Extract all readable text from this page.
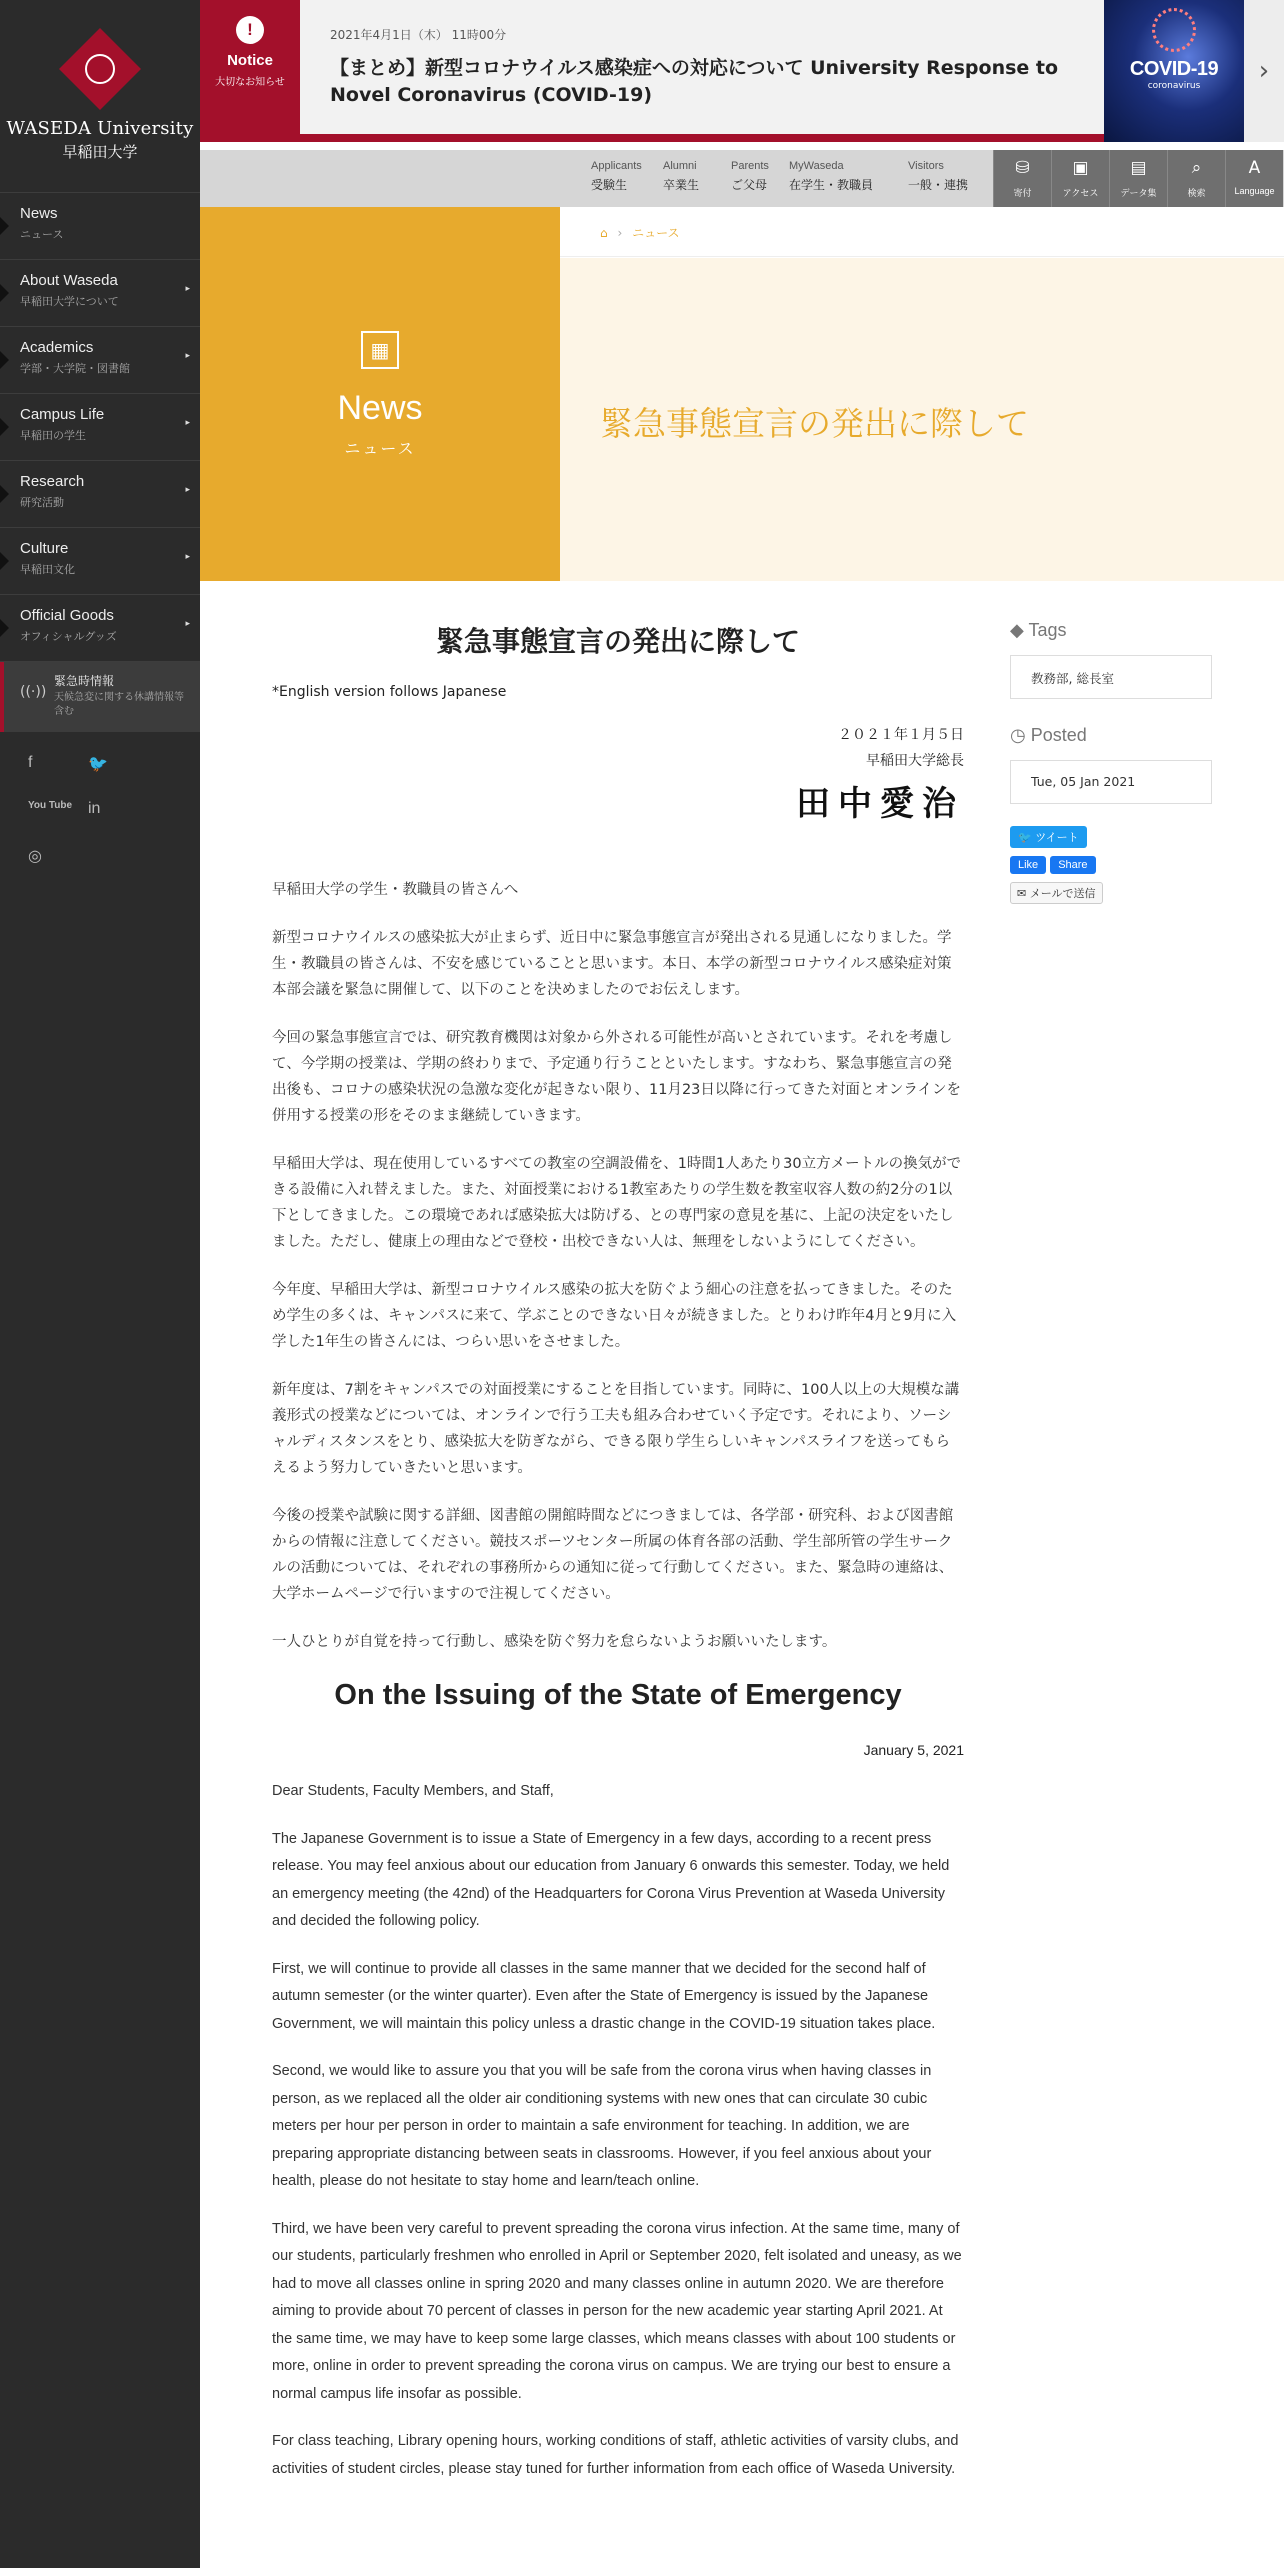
WASEDA University
早稲田大学
News
ニュース
About Waseda
早稲田大学について
▸
Academics
学部・大学院・図書館
▸
Campus Life
早稲田の学生
▸
Research
研究活動
▸
Culture
早稲田文化
▸
Official Goods
オフィシャルグッズ
▸
((·))
緊急時情報
天候急変に関する休講情報等含む
f	🐦
You Tube in
◎
!
Notice
大切なお知らせ
2021年4月1日（木） 11時00分
【まとめ】新型コロナウイルス感染症への対応について University Response to Novel Coronavirus (COVID-19)
COVID-19
coronavirus	›
Applicants
受験生
Alumni
卒業生
Parents
ご父母
MyWaseda
在学生・教職員
Visitors
一般・連携
⛁
寄付
▣
アクセス
▤
データ集
⌕
検索
A
Language
▦
News
ニュース
⌂ › ニュース
緊急事態宣言の発出に際して
緊急事態宣言の発出に際して
*English version follows Japanese
２０２１年１月５日
早稲田大学総長
田中愛治
早稲田大学の学生・教職員の皆さんへ
新型コロナウイルスの感染拡大が止まらず、近日中に緊急事態宣言が発出される見通しになりました。学生・教職員の皆さんは、不安を感じていることと思います。本日、本学の新型コロナウイルス感染症対策本部会議を緊急に開催して、以下のことを決めましたのでお伝えします。
今回の緊急事態宣言では、研究教育機関は対象から外される可能性が高いとされています。それを考慮して、今学期の授業は、学期の終わりまで、予定通り行うことといたします。すなわち、緊急事態宣言の発出後も、コロナの感染状況の急激な変化が起きない限り、11月23日以降に行ってきた対面とオンラインを併用する授業の形をそのまま継続していきます。
早稲田大学は、現在使用しているすべての教室の空調設備を、1時間1人あたり30立方メートルの換気ができる設備に入れ替えました。また、対面授業における1教室あたりの学生数を教室収容人数の約2分の1以下としてきました。この環境であれば感染拡大は防げる、との専門家の意見を基に、上記の決定をいたしました。ただし、健康上の理由などで登校・出校できない人は、無理をしないようにしてください。
今年度、早稲田大学は、新型コロナウイルス感染の拡大を防ぐよう細心の注意を払ってきました。そのため学生の多くは、キャンパスに来て、学ぶことのできない日々が続きました。とりわけ昨年4月と9月に入学した1年生の皆さんには、つらい思いをさせました。
新年度は、7割をキャンパスでの対面授業にすることを目指しています。同時に、100人以上の大規模な講義形式の授業などについては、オンラインで行う工夫も組み合わせていく予定です。それにより、ソーシャルディスタンスをとり、感染拡大を防ぎながら、できる限り学生らしいキャンパスライフを送ってもらえるよう努力していきたいと思います。
今後の授業や試験に関する詳細、図書館の開館時間などにつきましては、各学部・研究科、および図書館からの情報に注意してください。競技スポーツセンター所属の体育各部の活動、学生部所管の学生サークルの活動については、それぞれの事務所からの通知に従って行動してください。また、緊急時の連絡は、大学ホームページで行いますので注視してください。
一人ひとりが自覚を持って行動し、感染を防ぐ努力を怠らないようお願いいたします。
On the Issuing of the State of Emergency
January 5, 2021
Dear Students, Faculty Members, and Staff,
The Japanese Government is to issue a State of Emergency in a few days, according to a recent press release. You may feel anxious about our education from January 6 onwards this semester. Today, we held an emergency meeting (the 42nd) of the Headquarters for Corona Virus Prevention at Waseda University and decided the following policy.
First, we will continue to provide all classes in the same manner that we decided for the second half of autumn semester (or the winter quarter). Even after the State of Emergency is issued by the Japanese Government, we will maintain this policy unless a drastic change in the COVID-19 situation takes place.
Second, we would like to assure you that you will be safe from the corona virus when having classes in person, as we replaced all the older air conditioning systems with new ones that can circulate 30 cubic meters per hour per person in order to maintain a safe environment for teaching. In addition, we are preparing appropriate distancing between seats in classrooms. However, if you feel anxious about your health, please do not hesitate to stay home and learn/teach online.
Third, we have been very careful to prevent spreading the corona virus infection. At the same time, many of our students, particularly freshmen who enrolled in April or September 2020, felt isolated and uneasy, as we had to move all classes online in spring 2020 and many classes online in autumn 2020. We are therefore aiming to provide about 70 percent of classes in person for the new academic year starting April 2021. At the same time, we may have to keep some large classes, which means classes with about 100 students or more, online in order to prevent spreading the corona virus on campus. We are trying our best to ensure a normal campus life insofar as possible.
For class teaching, Library opening hours, working conditions of staff, athletic activities of varsity clubs, and activities of student circles, please stay tuned for further information from each office of Waseda University.
◆ Tags
教務部, 総長室
◷ Posted
Tue, 05 Jan 2021
🐦 ツイート
Like	Share
✉ メールで送信
